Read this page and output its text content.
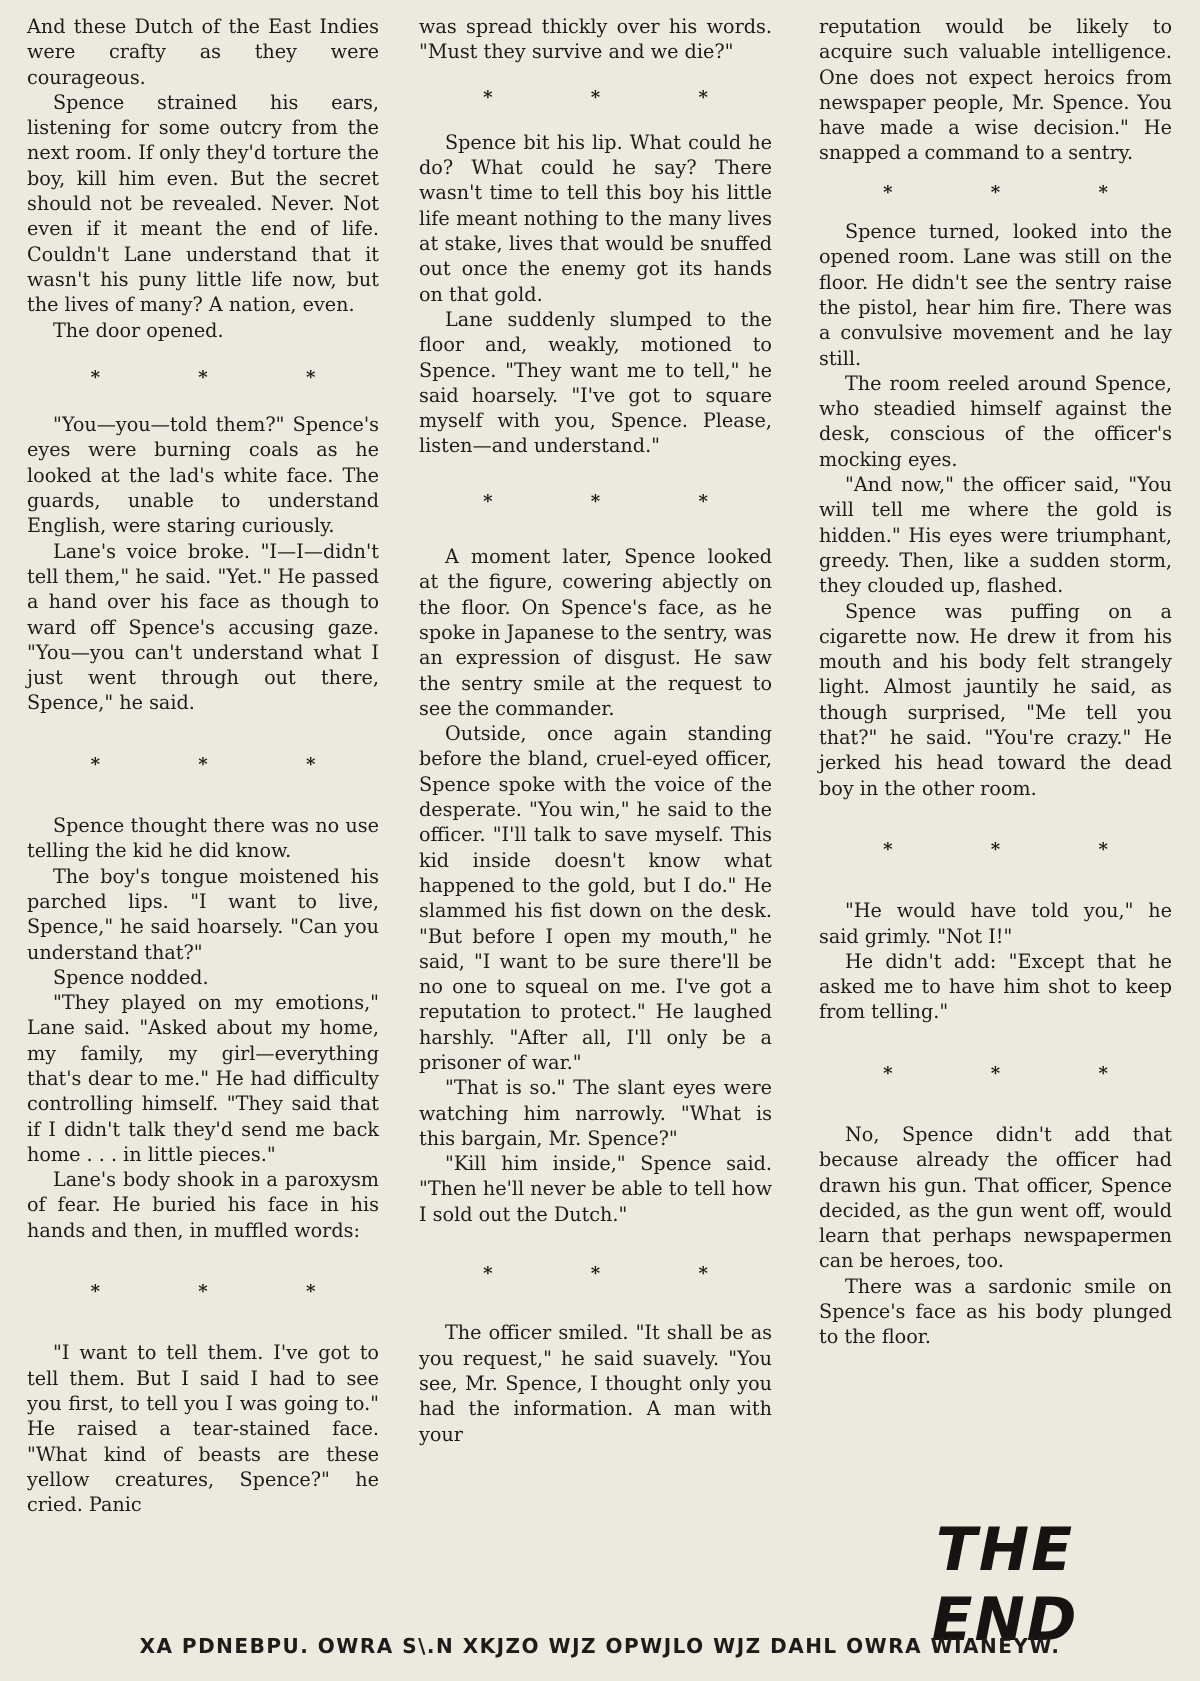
And these Dutch of the East Indies were crafty as they were courageous.

Spence strained his ears, listening for some outcry from the next room. If only they'd torture the boy, kill him even. But the secret should not be revealed. Never. Not even if it meant the end of life. Couldn't Lane understand that it wasn't his puny little life now, but the lives of many? A nation, even.

The door opened.

* * *

"You—you—told them?" Spence's eyes were burning coals as he looked at the lad's white face. The guards, unable to understand English, were staring curiously.

Lane's voice broke. "I—I—didn't tell them," he said. "Yet." He passed a hand over his face as though to ward off Spence's accusing gaze. "You—you can't understand what I just went through out there, Spence," he said.

* * *

Spence thought there was no use telling the kid he did know.

The boy's tongue moistened his parched lips. "I want to live, Spence," he said hoarsely. "Can you understand that?"

Spence nodded.

"They played on my emotions," Lane said. "Asked about my home, my family, my girl—everything that's dear to me." He had difficulty controlling himself. "They said that if I didn't talk they'd send me back home . . . in little pieces."

Lane's body shook in a paroxysm of fear. He buried his face in his hands and then, in muffled words:

* * *

"I want to tell them. I've got to tell them. But I said I had to see you first, to tell you I was going to." He raised a tear-stained face. "What kind of beasts are these yellow creatures, Spence?" he cried. Panic

was spread thickly over his words. "Must they survive and we die?"

* * *

Spence bit his lip. What could he do? What could he say? There wasn't time to tell this boy his little life meant nothing to the many lives at stake, lives that would be snuffed out once the enemy got its hands on that gold.

Lane suddenly slumped to the floor and, weakly, motioned to Spence. "They want me to tell," he said hoarsely. "I've got to square myself with you, Spence. Please, listen—and understand."

* * *

A moment later, Spence looked at the figure, cowering abjectly on the floor. On Spence's face, as he spoke in Japanese to the sentry, was an expression of disgust. He saw the sentry smile at the request to see the commander.

Outside, once again standing before the bland, cruel-eyed officer, Spence spoke with the voice of the desperate. "You win," he said to the officer. "I'll talk to save myself. This kid inside doesn't know what happened to the gold, but I do." He slammed his fist down on the desk. "But before I open my mouth," he said, "I want to be sure there'll be no one to squeal on me. I've got a reputation to protect." He laughed harshly. "After all, I'll only be a prisoner of war."

"That is so." The slant eyes were watching him narrowly. "What is this bargain, Mr. Spence?"

"Kill him inside," Spence said. "Then he'll never be able to tell how I sold out the Dutch."

* * *

The officer smiled. "It shall be as you request," he said suavely. "You see, Mr. Spence, I thought only you had the information. A man with your

reputation would be likely to acquire such valuable intelligence. One does not expect heroics from newspaper people, Mr. Spence. You have made a wise decision." He snapped a command to a sentry.

* * *

Spence turned, looked into the opened room. Lane was still on the floor. He didn't see the sentry raise the pistol, hear him fire. There was a convulsive movement and he lay still.

The room reeled around Spence, who steadied himself against the desk, conscious of the officer's mocking eyes.

"And now," the officer said, "You will tell me where the gold is hidden." His eyes were triumphant, greedy. Then, like a sudden storm, they clouded up, flashed.

Spence was puffing on a cigarette now. He drew it from his mouth and his body felt strangely light. Almost jauntily he said, as though surprised, "Me tell you that?" he said. "You're crazy." He jerked his head toward the dead boy in the other room.

* * *

"He would have told you," he said grimly. "Not I!"

He didn't add: "Except that he asked me to have him shot to keep from telling."

* * *

No, Spence didn't add that because already the officer had drawn his gun. That officer, Spence decided, as the gun went off, would learn that perhaps newspapermen can be heroes, too.

There was a sardonic smile on Spence's face as his body plunged to the floor.

THE END
XA PDNEBPU. OWRA S\.N XKJZO WJZ OPWJLO WJZ DAHL OWRA WIANEYW.
